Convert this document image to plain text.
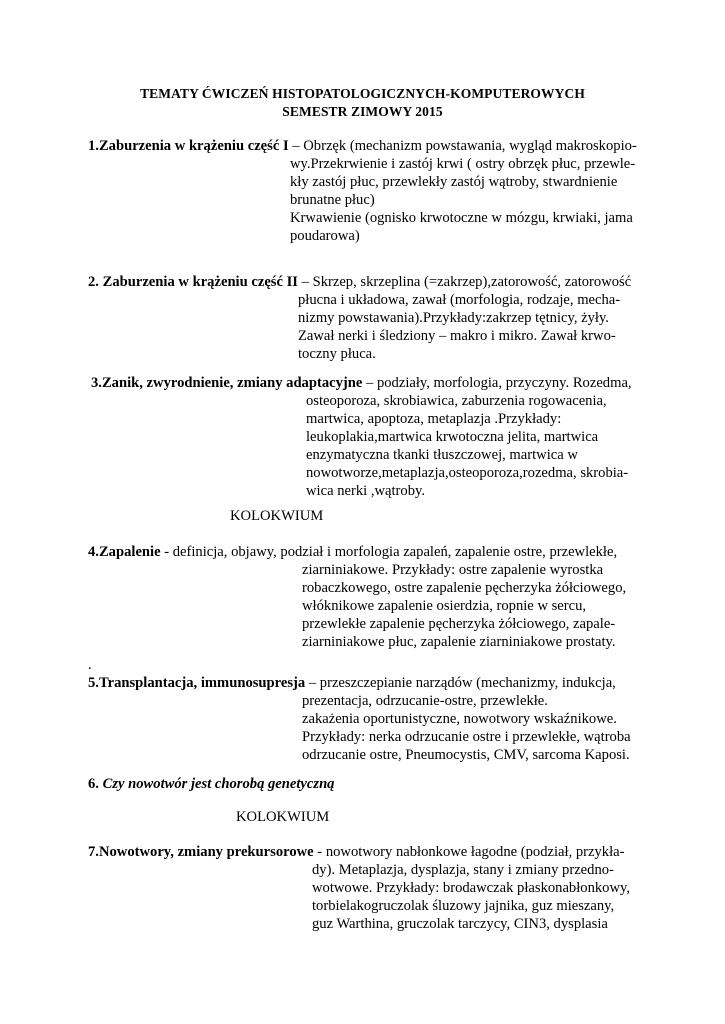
TEMATY ĆWICZEŃ HISTOPATOLOGICZNYCH-KOMPUTEROWYCH
SEMESTR ZIMOWY 2015
1.Zaburzenia w krążeniu część I – Obrzęk (mechanizm powstawania, wygląd makroskopio-
wy.Przekrwienie i zastój krwi ( ostry obrzęk płuc, przewle-
kły zastój płuc, przewlekły zastój wątroby, stwardnienie
brunatne płuc)
Krwawienie (ognisko krwotoczne w mózgu, krwiaki, jama
poudarowa)
2. Zaburzenia w krążeniu część II – Skrzep, skrzeplina (=zakrzep),zatorowość, zatorowość
płucna i układowa, zawał (morfologia, rodzaje, mecha-
nizmy powstawania).Przykłady:zakrzep tętnicy, żyły.
Zawał nerki i śledziony – makro i mikro. Zawał krwo-
toczny płuca.
3.Zanik, zwyrodnienie, zmiany adaptacyjne – podziały, morfologia, przyczyny. Rozedma,
osteoporoza, skrobiawica, zaburzenia rogowacenia,
martwica, apoptoza, metaplazja .Przykłady:
leukoplakia,martwica krwotoczna jelita, martwica
enzymatyczna tkanki tłuszczowej, martwica w
nowotworze,metaplazja,osteoporoza,rozedma, skrobia-
wica nerki ,wątroby.
KOLOKWIUM
4.Zapalenie - definicja, objawy, podział i morfologia zapaleń, zapalenie ostre, przewlekłe,
ziarniniakowe. Przykłady: ostre zapalenie wyrostka
robaczkowego, ostre zapalenie pęcherzyka żółciowego,
włóknikowe zapalenie osierdzia, ropnie w sercu,
przewlekłe zapalenie pęcherzyka żółciowego, zapale-
ziarniniakowe płuc, zapalenie ziarniniakowe prostaty.
.
5.Transplantacja, immunosupresja – przeszczepianie narządów (mechanizmy, indukcja,
prezentacja, odrzucanie-ostre, przewlekłe.
zakażenia oportunistyczne, nowotwory wskaźnikowe.
Przykłady: nerka odrzucanie ostre i przewlekłe, wątroba
odrzucanie ostre, Pneumocystis, CMV, sarcoma Kaposi.
6. Czy nowotwór jest chorobą genetyczną
KOLOKWIUM
7.Nowotwory, zmiany prekursorowe - nowotwory nabłonkowe łagodne (podział, przykła-
dy). Metaplazja, dysplazja, stany i zmiany przedno-
wotwowe. Przykłady: brodawczak płaskonabłonkowy,
torbielakogruczolak śluzowy jajnika, guz mieszany,
guz Warthina, gruczolak tarczycy, CIN3, dysplasia
